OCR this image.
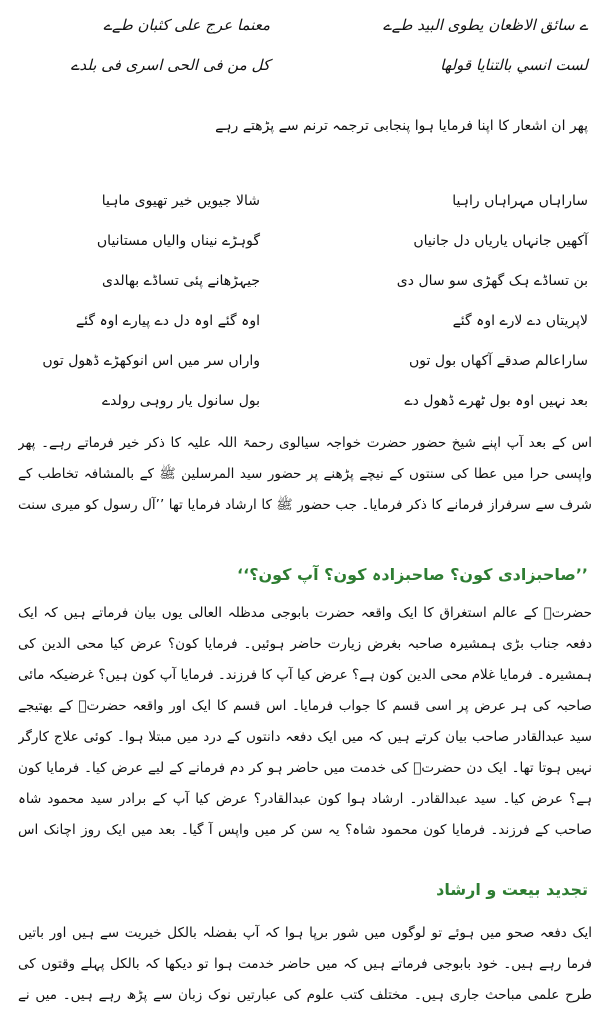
ے سائق الاظعان يطوی البيد طےے
معنما عرج علی کثبان طےے
لست انسي بالتنايا قولها
کل من فی الحی اسری فی بلدے
پھر ان اشعار کا اپنا فرمایا ہوا پنجابی ترجمہ ترنم سے پڑھتے رہے
ساراہاں مہراہاں راہیا
شالا جیویں خیر تھیوی ماہیا
آکھیں جانہاں یاریاں دل جانیاں
گوہڑے نیناں والیاں مستانیاں
بن تساڈے ہک گھڑی سو سال دی
جیہڑھانے پئی تساڈے بھالدی
لاپریتاں دے لارے اوہ گئے
اوہ گئے اوہ دل دے پیارے اوہ گئے
ساراعالم صدقے آکھاں بول توں
واراں سر میں اس انوکھڑے ڈھول توں
بعد نہیں اوہ بول ٹھرے ڈھول دے
بول سانول یار روہی رولدے
اس کے بعد آپ اپنے شیخ حضور حضرت خواجہ سیالوی رحمۃ اللہ علیہ کا ذکر خیر فرماتے رہے۔ پھر واپسی حرا میں عطا کی سنتوں کے نیچے پڑھنے پر حضور سید المرسلین ﷺ کے بالمشافہ تخاطب کے شرف سے سرفراز فرمانے کا ذکر فرمایا۔ جب حضور ﷺ کا ارشاد فرمایا تھا ’’آل رسول کو میری سنت
’’صاحبزادی کون؟ صاحبزادہ کون؟ آپ کون؟‘‘
حضرتؒ کے عالم استغراق کا ایک واقعہ حضرت بابوجی مدظلہ العالی یوں بیان فرماتے ہیں کہ ایک دفعہ جناب بڑی ہمشیرہ صاحبہ بغرض زیارت حاضر ہوئیں۔ فرمایا کون؟ عرض کیا محی الدین کی ہمشیرہ۔ فرمایا غلام محی الدین کون ہے؟ عرض کیا آپ کا فرزند۔ فرمایا آپ کون ہیں؟ غرضیکہ مائی صاحبہ کی ہر عرض پر اسی قسم کا جواب فرمایا۔ اس قسم کا ایک اور واقعہ حضرتؒ کے بھتیجے سید عبدالقادر صاحب بیان کرتے ہیں کہ میں ایک دفعہ دانتوں کے درد میں مبتلا ہوا۔ کوئی علاج کارگر نہیں ہوتا تھا۔ ایک دن حضرتؒ کی خدمت میں حاضر ہو کر دم فرمانے کے لیے عرض کیا۔ فرمایا کون ہے؟ عرض کیا۔ سید عبدالقادر۔ ارشاد ہوا کون عبدالقادر؟ عرض کیا آپ کے برادر سید محمود شاہ صاحب کے فرزند۔ فرمایا کون محمود شاہ؟ یہ سن کر میں واپس آ گیا۔ بعد میں ایک روز اچانک اس
تجدید بیعت و ارشاد
ایک دفعہ صحو میں ہوئے تو لوگوں میں شور برپا ہوا کہ آپ بفضلہ بالکل خیریت سے ہیں اور باتیں فرما رہے ہیں۔ خود بابوجی فرماتے ہیں کہ میں حاضر خدمت ہوا تو دیکھا کہ بالکل پہلے وقتوں کی طرح علمی مباحث جاری ہیں۔ مختلف کتب علوم کی عبارتیں نوک زبان سے پڑھ رہے ہیں۔ میں نے
